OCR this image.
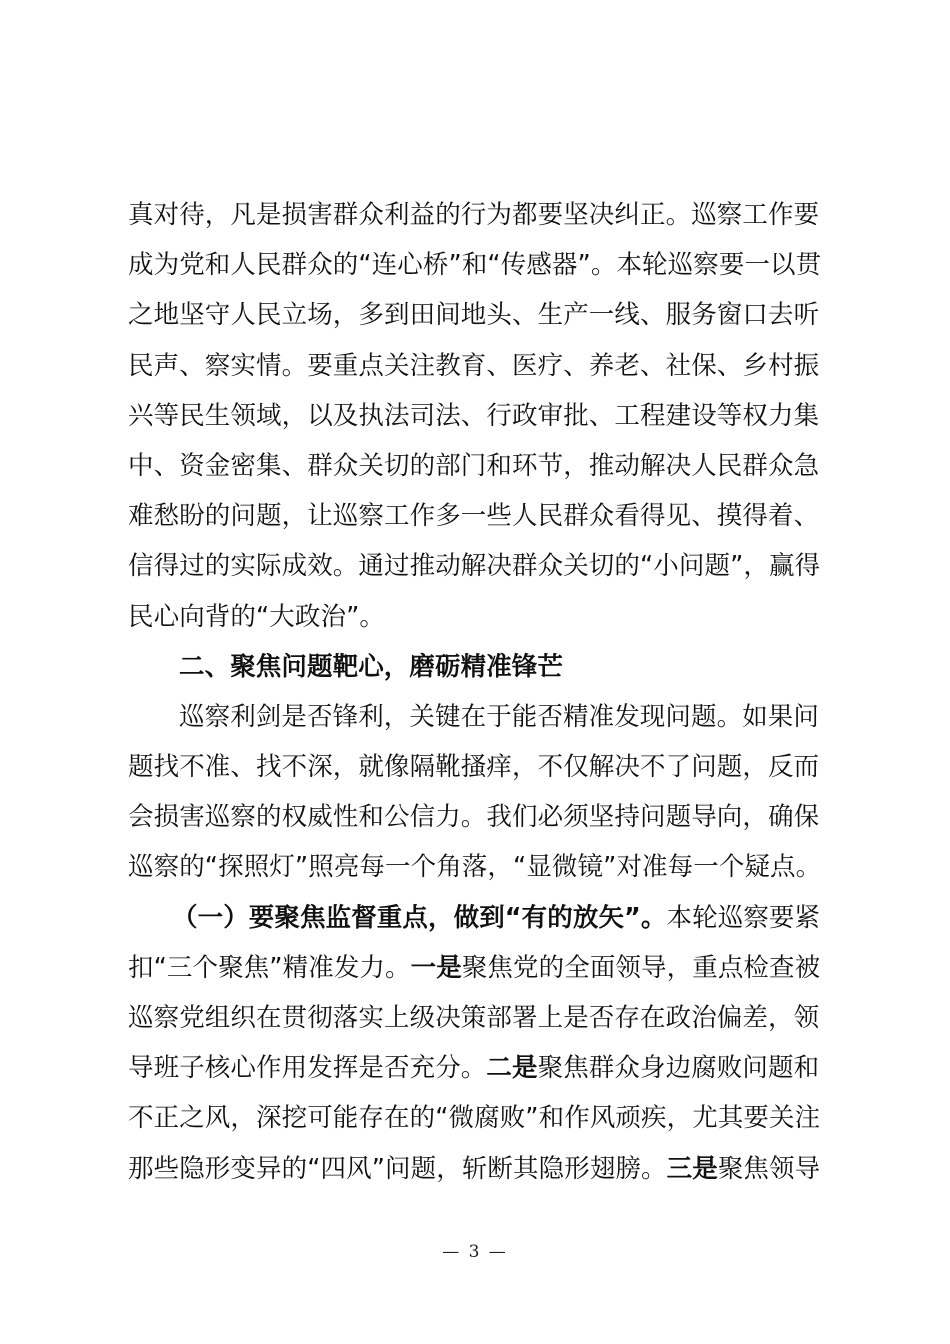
真对待，凡是损害群众利益的行为都要坚决纠正。巡察工作要
成为党和人民群众的“连心桥”和“传感器”。本轮巡察要一以贯
之地坚守人民立场，多到田间地头、生产一线、服务窗口去听
民声、察实情。要重点关注教育、医疗、养老、社保、乡村振
兴等民生领域，以及执法司法、行政审批、工程建设等权力集
中、资金密集、群众关切的部门和环节，推动解决人民群众急
难愁盼的问题，让巡察工作多一些人民群众看得见、摸得着、
信得过的实际成效。通过推动解决群众关切的“小问题”，赢得
民心向背的“大政治”。
二、聚焦问题靶心，磨砺精准锋芒
巡察利剑是否锋利，关键在于能否精准发现问题。如果问
题找不准、找不深，就像隔靴搔痒，不仅解决不了问题，反而
会损害巡察的权威性和公信力。我们必须坚持问题导向，确保
巡察的“探照灯”照亮每一个角落，“显微镜”对准每一个疑点。
（一）要聚焦监督重点，做到“有的放矢”。本轮巡察要紧
扣“三个聚焦”精准发力。一是聚焦党的全面领导，重点检查被
巡察党组织在贯彻落实上级决策部署上是否存在政治偏差，领
导班子核心作用发挥是否充分。二是聚焦群众身边腐败问题和
不正之风，深挖可能存在的“微腐败”和作风顽疾，尤其要关注
那些隐形变异的“四风”问题，斩断其隐形翅膀。三是聚焦领导
— 3 —
